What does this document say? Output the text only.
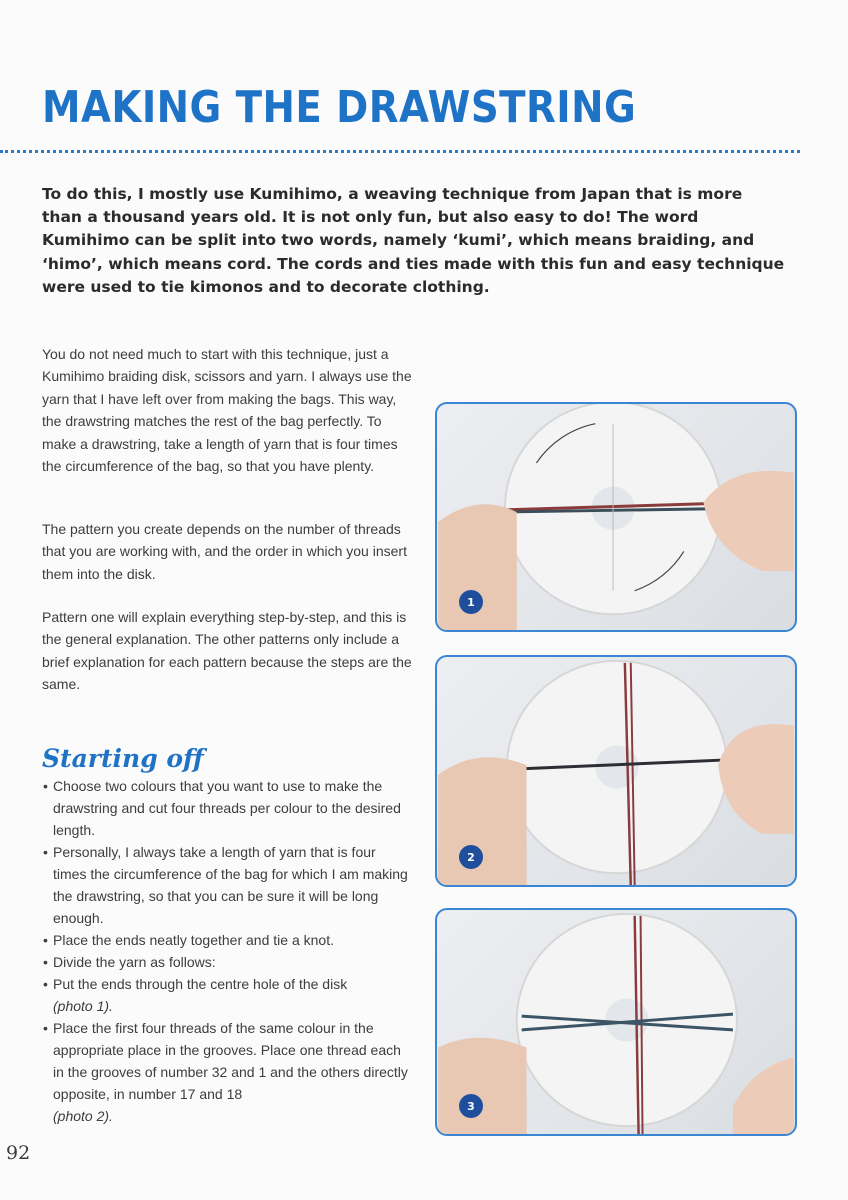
MAKING THE DRAWSTRING

To do this, I mostly use Kumihimo, a weaving technique from Japan that is more than a thousand years old. It is not only fun, but also easy to do! The word Kumihimo can be split into two words, namely ‘kumi’, which means braiding, and ‘himo’, which means cord. The cords and ties made with this fun and easy technique were used to tie kimonos and to decorate clothing.

You do not need much to start with this technique, just a Kumihimo braiding disk, scissors and yarn. I always use the yarn that I have left over from making the bags. This way, the drawstring matches the rest of the bag perfectly. To make a drawstring, take a length of yarn that is four times the circumference of the bag, so that you have plenty.

The pattern you create depends on the number of threads that you are working with, and the order in which you insert them into the disk.

Pattern one will explain everything step-by-step, and this is the general explanation. The other patterns only include a brief explanation for each pattern because the steps are the same.

Starting off
• Choose two colours that you want to use to make the drawstring and cut four threads per colour to the desired length.
• Personally, I always take a length of yarn that is four times the circumference of the bag for which I am making the drawstring, so that you can be sure it will be long enough.
• Place the ends neatly together and tie a knot.
• Divide the yarn as follows:
• Put the ends through the centre hole of the disk
(photo 1).
• Place the first four threads of the same colour in the appropriate place in the grooves. Place one thread each in the grooves of number 32 and 1 and the others directly opposite, in number 17 and 18
(photo 2).
1
2
3

92
